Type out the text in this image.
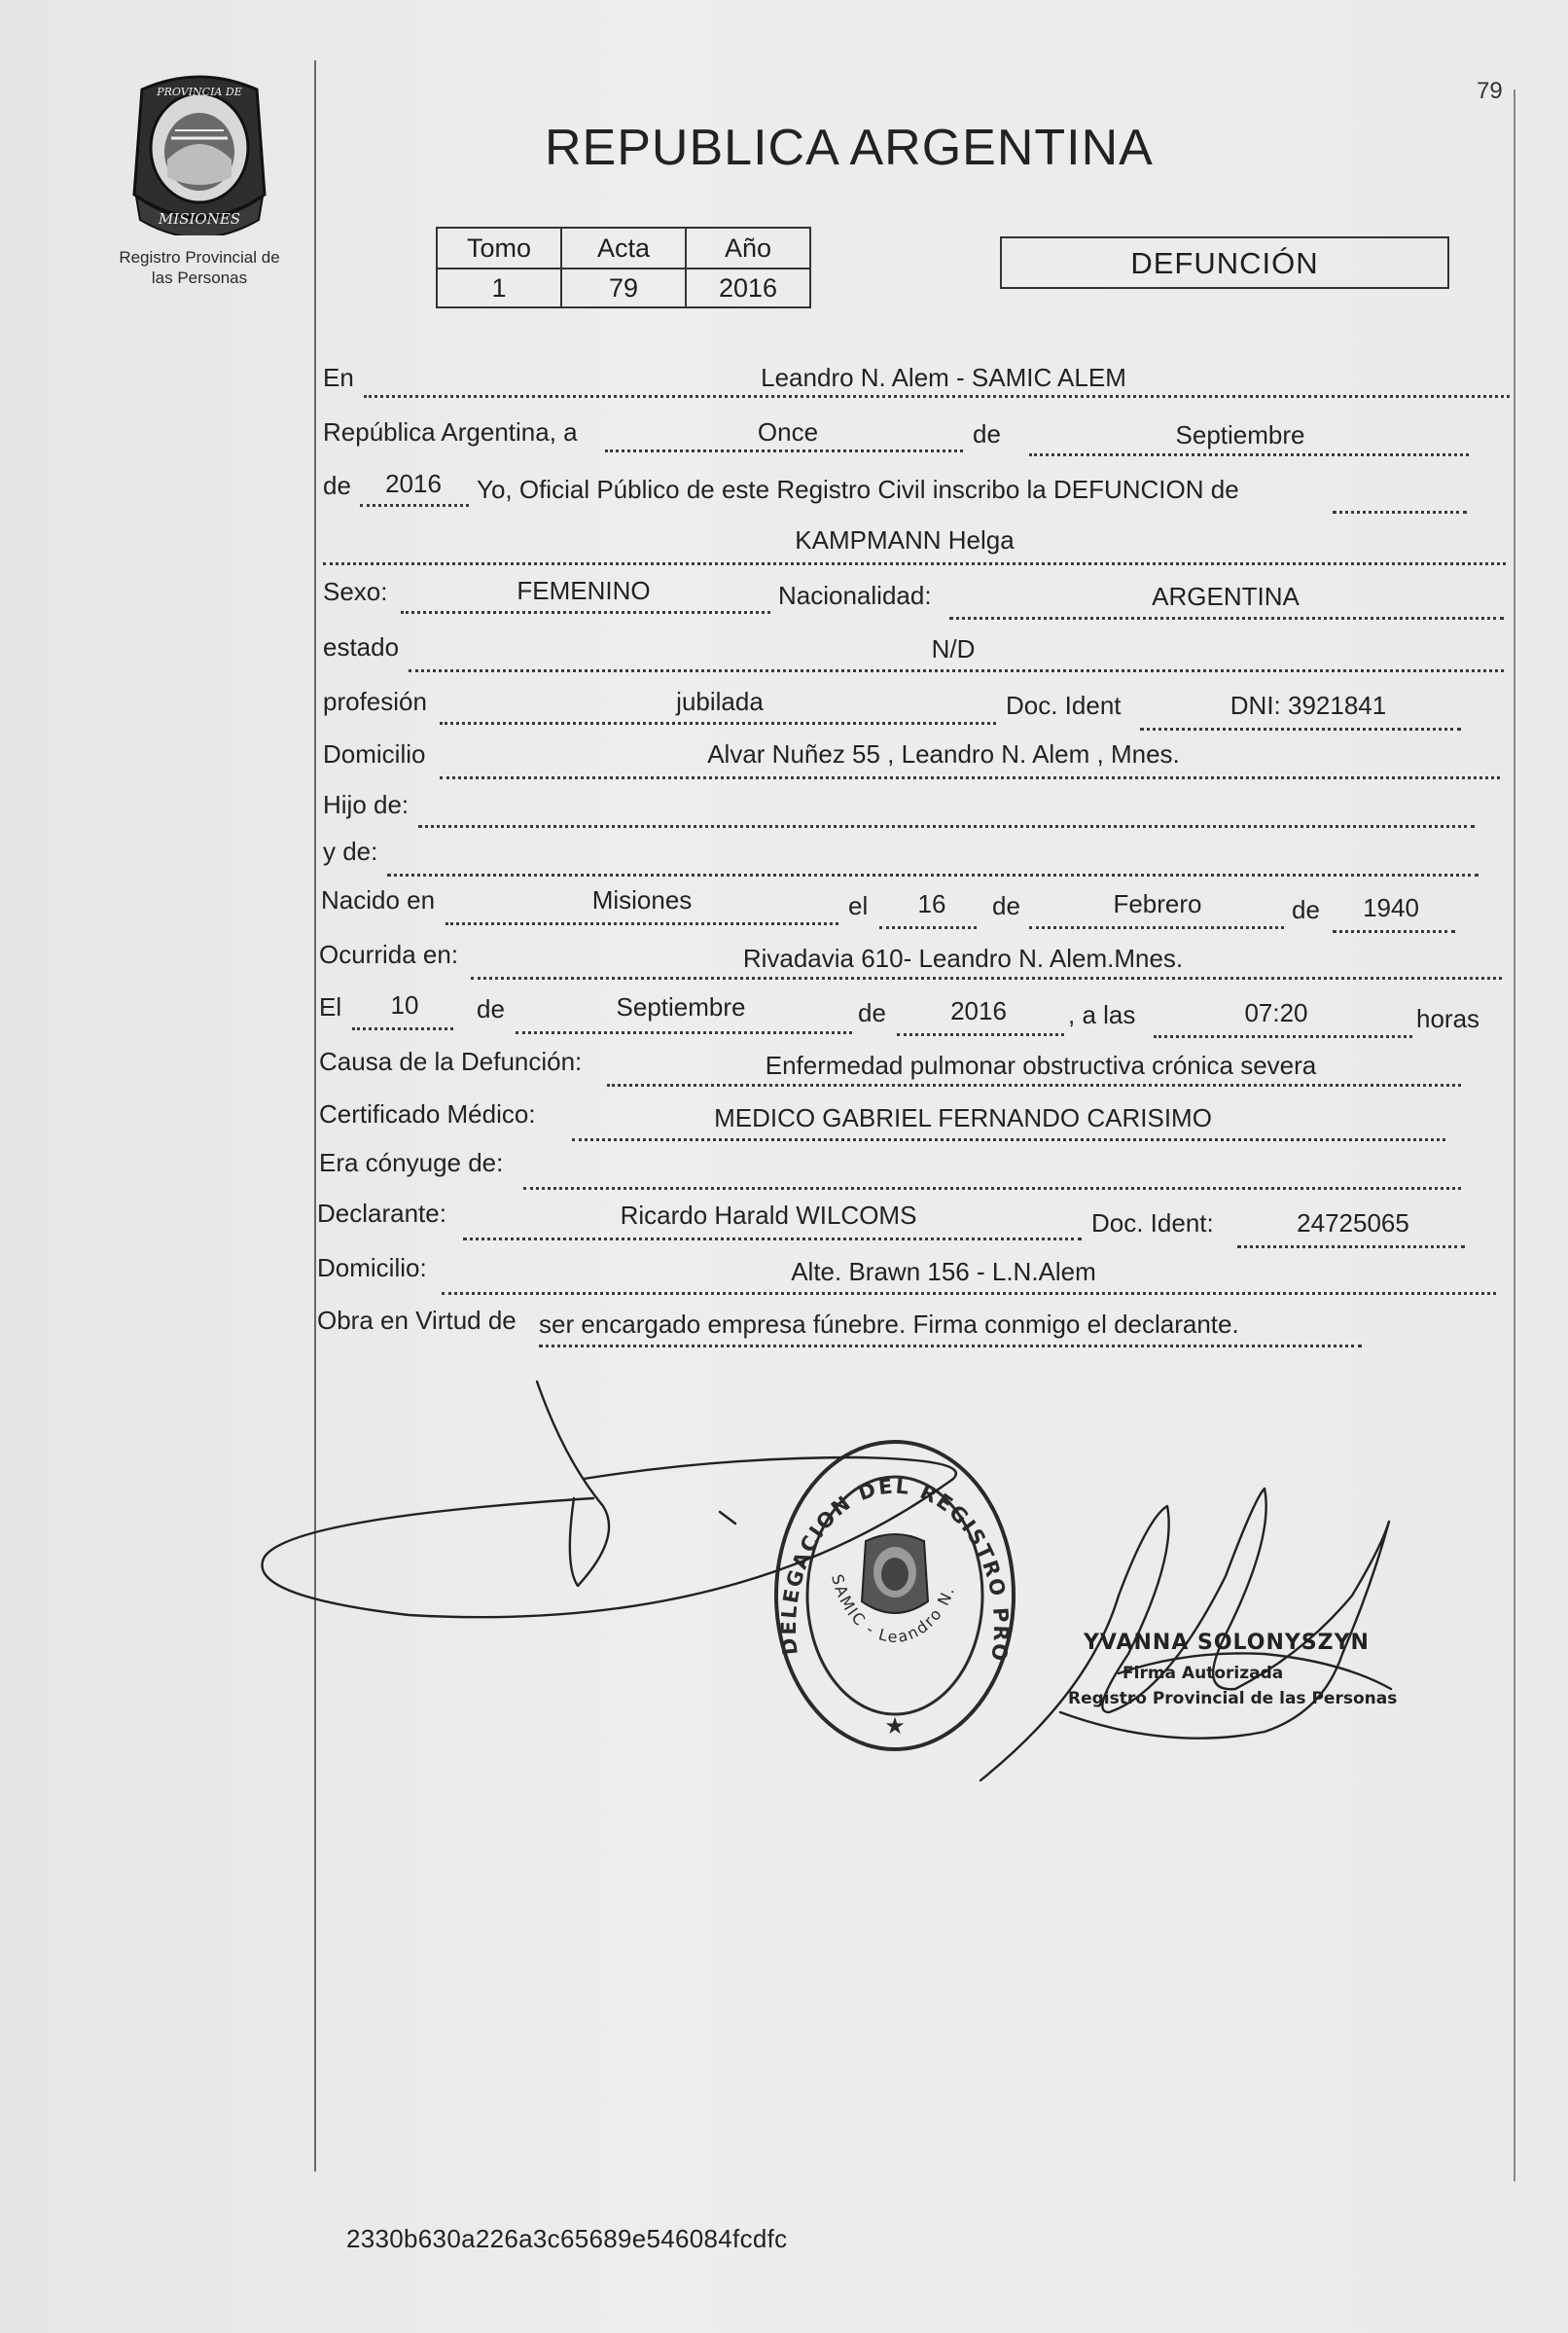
PROVINCIA DE
MISIONES
Registro Provincial de
las Personas
79
REPUBLICA ARGENTINA
Tomo	Acta	Año
1	79	2016
DEFUNCIÓN
En	Leandro N. Alem - SAMIC ALEM
República Argentina, a	Once	de	Septiembre
de	2016	Yo, Oficial Público de este Registro Civil inscribo la DEFUNCION de
KAMPMANN Helga
Sexo:	FEMENINO	Nacionalidad:	ARGENTINA
estado	N/D
profesión	jubilada	Doc. Ident	DNI: 3921841
Domicilio	Alvar Nuñez 55 , Leandro N. Alem , Mnes.
Hijo de:
y de:
Nacido en	Misiones	el	16	de	Febrero	de	1940
Ocurrida en:	Rivadavia 610- Leandro N. Alem.Mnes.
El	10	de	Septiembre	de	2016	, a las	07:20	horas
Causa de la Defunción:	Enfermedad pulmonar obstructiva crónica severa
Certificado Médico:	MEDICO GABRIEL FERNANDO CARISIMO
Era cónyuge de:
Declarante:	Ricardo Harald WILCOMS	Doc. Ident:	24725065
Domicilio:	Alte. Brawn 156 - L.N.Alem
Obra en Virtud de ser encargado empresa fúnebre. Firma conmigo el declarante.
DELEGACION DEL REGISTRO PRO
SAMIC - Leandro N.
★
YVANNA SOLONYSZYN
Firma Autorizada
Registro Provincial de las Personas
2330b630a226a3c65689e546084fcdfc
